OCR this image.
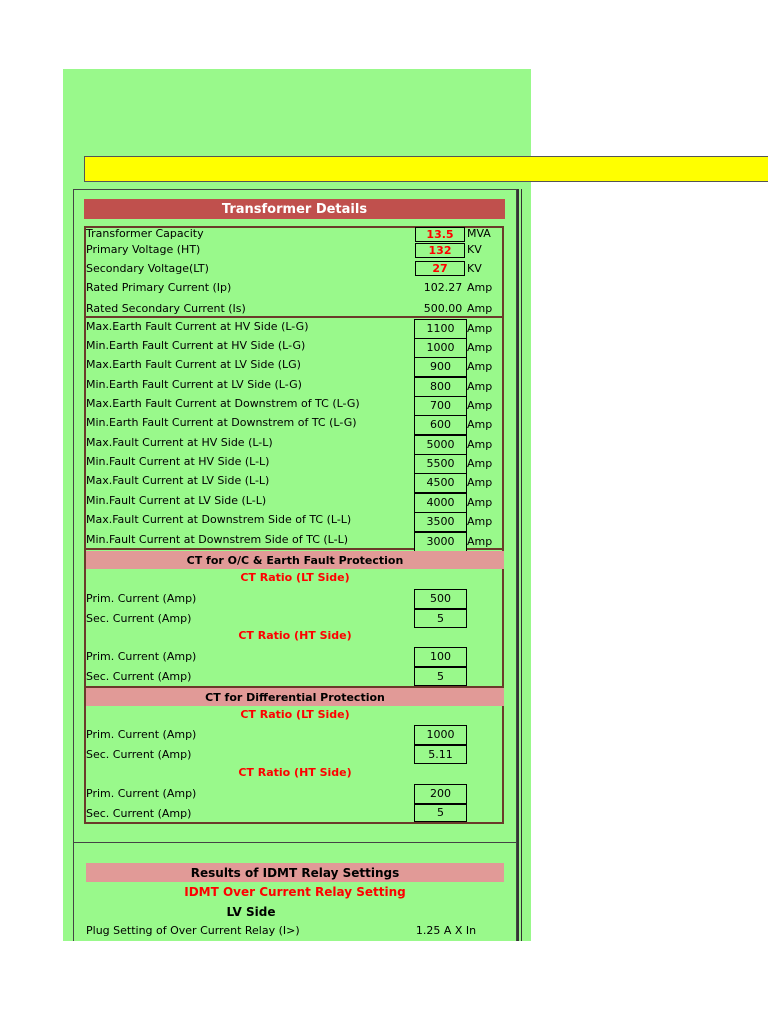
Transformer Details
Transformer Capacity	13.5	MVA
Primary Voltage (HT)	132	KV
Secondary Voltage(LT)	27	KV
Rated Primary Current (Ip)	102.27 Amp
Rated Secondary Current (Is)	500.00 Amp
Max.Earth Fault Current at HV Side (L-G)	1100	Amp
Min.Earth Fault Current at HV Side (L-G)	1000	Amp
Max.Earth Fault Current at LV Side (LG)	900	Amp
Min.Earth Fault Current at LV Side (L-G)	800	Amp
Max.Earth Fault Current at Downstrem of TC (L-G)	700	Amp
Min.Earth Fault Current at Downstrem of TC (L-G)	600	Amp
Max.Fault Current at HV Side (L-L)	5000	Amp
Min.Fault Current at HV Side (L-L)	5500	Amp
Max.Fault Current at LV Side (L-L)	4500	Amp
Min.Fault Current at LV Side (L-L)	4000	Amp
Max.Fault Current at Downstrem Side of TC (L-L)	3500	Amp
Min.Fault Current at Downstrem Side of TC (L-L)	3000	Amp
CT for O/C & Earth Fault Protection
CT Ratio (LT Side)
Prim. Current (Amp)	500
Sec. Current (Amp)	5
CT Ratio (HT Side)
Prim. Current (Amp)	100
Sec. Current (Amp)	5
CT for Differential Protection
CT Ratio (LT Side)
Prim. Current (Amp)	1000
Sec. Current (Amp)	5.11
CT Ratio (HT Side)
Prim. Current (Amp)	200
Sec. Current (Amp)	5
Results of IDMT Relay Settings
IDMT Over Current Relay Setting
LV Side
Plug Setting of Over Current Relay (I>)	1.25 A X In
